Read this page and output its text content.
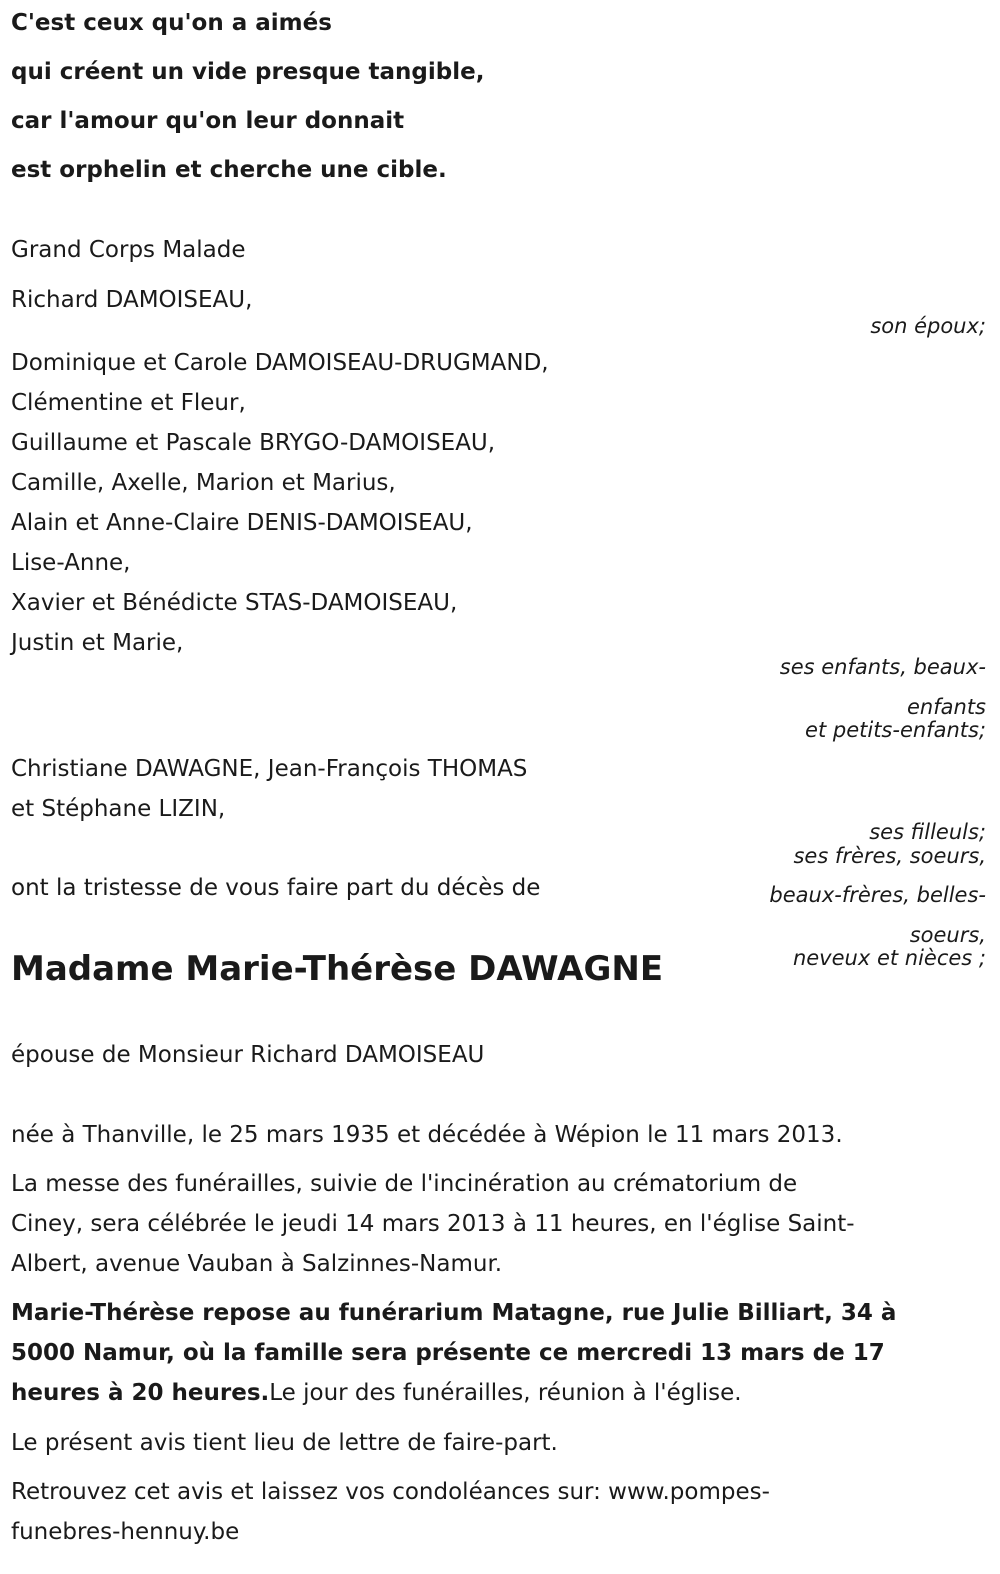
C'est ceux qu'on a aimés
qui créent un vide presque tangible,
car l'amour qu'on leur donnait
est orphelin et cherche une cible.
Grand Corps Malade
Richard DAMOISEAU,
son époux;
Dominique et Carole DAMOISEAU-DRUGMAND,
Clémentine et Fleur,
Guillaume et Pascale BRYGO-DAMOISEAU,
Camille, Axelle, Marion et Marius,
Alain et Anne-Claire DENIS-DAMOISEAU,
Lise-Anne,
Xavier et Bénédicte STAS-DAMOISEAU,
Justin et Marie,
ses enfants, beaux-
enfants
et petits-enfants;
Christiane DAWAGNE, Jean-François THOMAS
et Stéphane LIZIN,
ses filleuls;
ses frères, soeurs,
beaux-frères, belles-
soeurs,
neveux et nièces ;
ont la tristesse de vous faire part du décès de
Madame Marie-Thérèse DAWAGNE
épouse de Monsieur Richard DAMOISEAU
née à Thanville, le 25 mars 1935 et décédée à Wépion le 11 mars 2013.
La messe des funérailles, suivie de l'incinération au crématorium de
Ciney, sera célébrée le jeudi 14 mars 2013 à 11 heures, en l'église Saint-
Albert, avenue Vauban à Salzinnes-Namur.
Marie-Thérèse repose au funérarium Matagne, rue Julie Billiart, 34 à
5000 Namur, où la famille sera présente ce mercredi 13 mars de 17
heures à 20 heures.Le jour des funérailles, réunion à l'église.
Le présent avis tient lieu de lettre de faire-part.
Retrouvez cet avis et laissez vos condoléances sur: www.pompes-
funebres-hennuy.be
